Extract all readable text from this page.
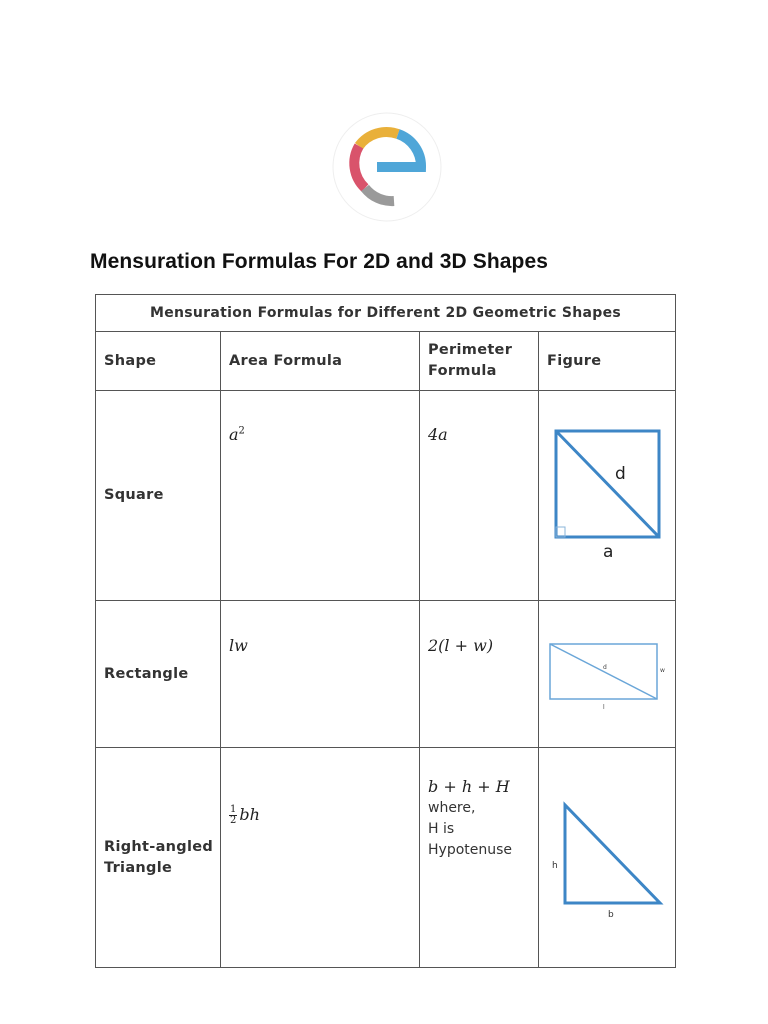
Mensuration Formulas For 2D and 3D Shapes
Mensuration Formulas for Different 2D Geometric Shapes			
Shape	Area Formula	Perimeter Formula	Figure

Square	$a^2$	4a	d
a

Rectangle	lw	2(l + w)	d w
l

Right-angled
Triangle	$\frac{1}{2}$ bh	b + h + H
where,
H is
Hypotenuse	h
b
